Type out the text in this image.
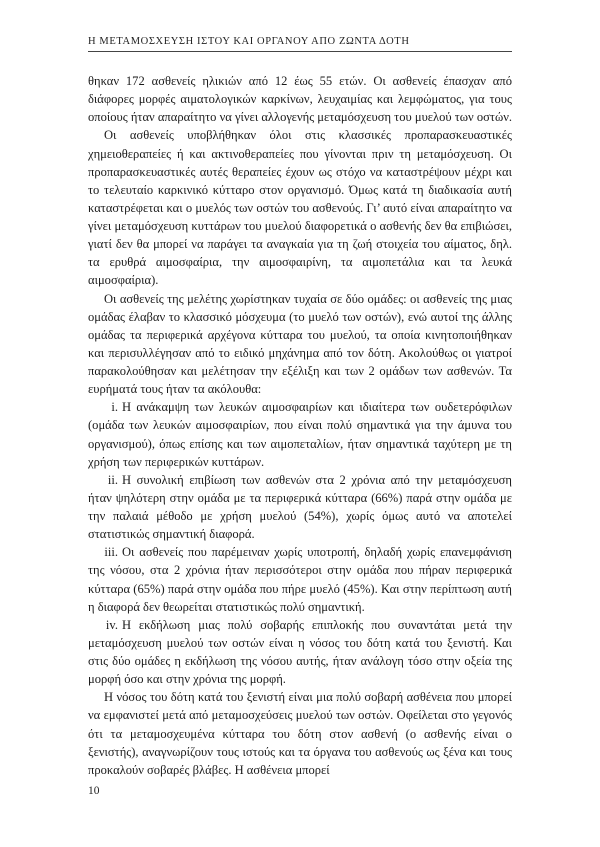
Η ΜΕΤΑΜΟΣΧΕΥΣΗ ΙΣΤΟΥ ΚΑΙ ΟΡΓΑΝΟΥ ΑΠΟ ΖΩΝΤΑ ΔΟΤΗ

θηκαν 172 ασθενείς ηλικιών από 12 έως 55 ετών. Οι ασθενείς έπασχαν από διάφορες μορφές αιματολογικών καρκίνων, λευχαιμίας και λεμφώματος, για τους οποίους ήταν απαραίτητο να γίνει αλλογενής μεταμόσχευση του μυελού των οστών.

Οι ασθενείς υποβλήθηκαν όλοι στις κλασσικές προπαρασκευαστικές χημειοθεραπείες ή και ακτινοθεραπείες που γίνονται πριν τη μεταμόσχευση. Οι προπαρασκευαστικές αυτές θεραπείες έχουν ως στόχο να καταστρέψουν μέχρι και το τελευταίο καρκινικό κύτταρο στον οργανισμό. Όμως κατά τη διαδικασία αυτή καταστρέφεται και ο μυελός των οστών του ασθενούς. Γι’ αυτό είναι απαραίτητο να γίνει μεταμόσχευση κυττάρων του μυελού διαφορετικά ο ασθενής δεν θα επιβιώσει, γιατί δεν θα μπορεί να παράγει τα αναγκαία για τη ζωή στοιχεία του αίματος, δηλ. τα ερυθρά αιμοσφαίρια, την αιμοσφαιρίνη, τα αιμοπετάλια και τα λευκά αιμοσφαίρια).

Οι ασθενείς της μελέτης χωρίστηκαν τυχαία σε δύο ομάδες: οι ασθενείς της μιας ομάδας έλαβαν το κλασσικό μόσχευμα (το μυελό των οστών), ενώ αυτοί της άλλης ομάδας τα περιφερικά αρχέγονα κύτταρα του μυελού, τα οποία κινητοποιήθηκαν και περισυλλέγησαν από το ειδικό μηχάνημα από τον δότη. Ακολούθως οι γιατροί παρακολούθησαν και μελέτησαν την εξέλιξη και των 2 ομάδων των ασθενών. Τα ευρήματά τους ήταν τα ακόλουθα:

i. Η ανάκαμψη των λευκών αιμοσφαιρίων και ιδιαίτερα των ουδετερόφιλων (ομάδα των λευκών αιμοσφαιρίων, που είναι πολύ σημαντικά για την άμυνα του οργανισμού), όπως επίσης και των αιμοπεταλίων, ήταν σημαντικά ταχύτερη με τη χρήση των περιφερικών κυττάρων.

ii. Η συνολική επιβίωση των ασθενών στα 2 χρόνια από την μεταμόσχευση ήταν ψηλότερη στην ομάδα με τα περιφερικά κύτταρα (66%) παρά στην ομάδα με την παλαιά μέθοδο με χρήση μυελού (54%), χωρίς όμως αυτό να αποτελεί στατιστικώς σημαντική διαφορά.

iii. Οι ασθενείς που παρέμειναν χωρίς υποτροπή, δηλαδή χωρίς επανεμφάνιση της νόσου, στα 2 χρόνια ήταν περισσότεροι στην ομάδα που πήραν περιφερικά κύτταρα (65%) παρά στην ομάδα που πήρε μυελό (45%). Και στην περίπτωση αυτή η διαφορά δεν θεωρείται στατιστικώς πολύ σημαντική.

iv. Η εκδήλωση μιας πολύ σοβαρής επιπλοκής που συναντάται μετά την μεταμόσχευση μυελού των οστών είναι η νόσος του δότη κατά του ξενιστή. Και στις δύο ομάδες η εκδήλωση της νόσου αυτής, ήταν ανάλογη τόσο στην οξεία της μορφή όσο και στην χρόνια της μορφή.

Η νόσος του δότη κατά του ξενιστή είναι μια πολύ σοβαρή ασθένεια που μπορεί να εμφανιστεί μετά από μεταμοσχεύσεις μυελού των οστών. Οφείλεται στο γεγονός ότι τα μεταμοσχευμένα κύτταρα του δότη στον ασθενή (ο ασθενής είναι ο ξενιστής), αναγνωρίζουν τους ιστούς και τα όργανα του ασθενούς ως ξένα και τους προκαλούν σοβαρές βλάβες. Η ασθένεια μπορεί

10
